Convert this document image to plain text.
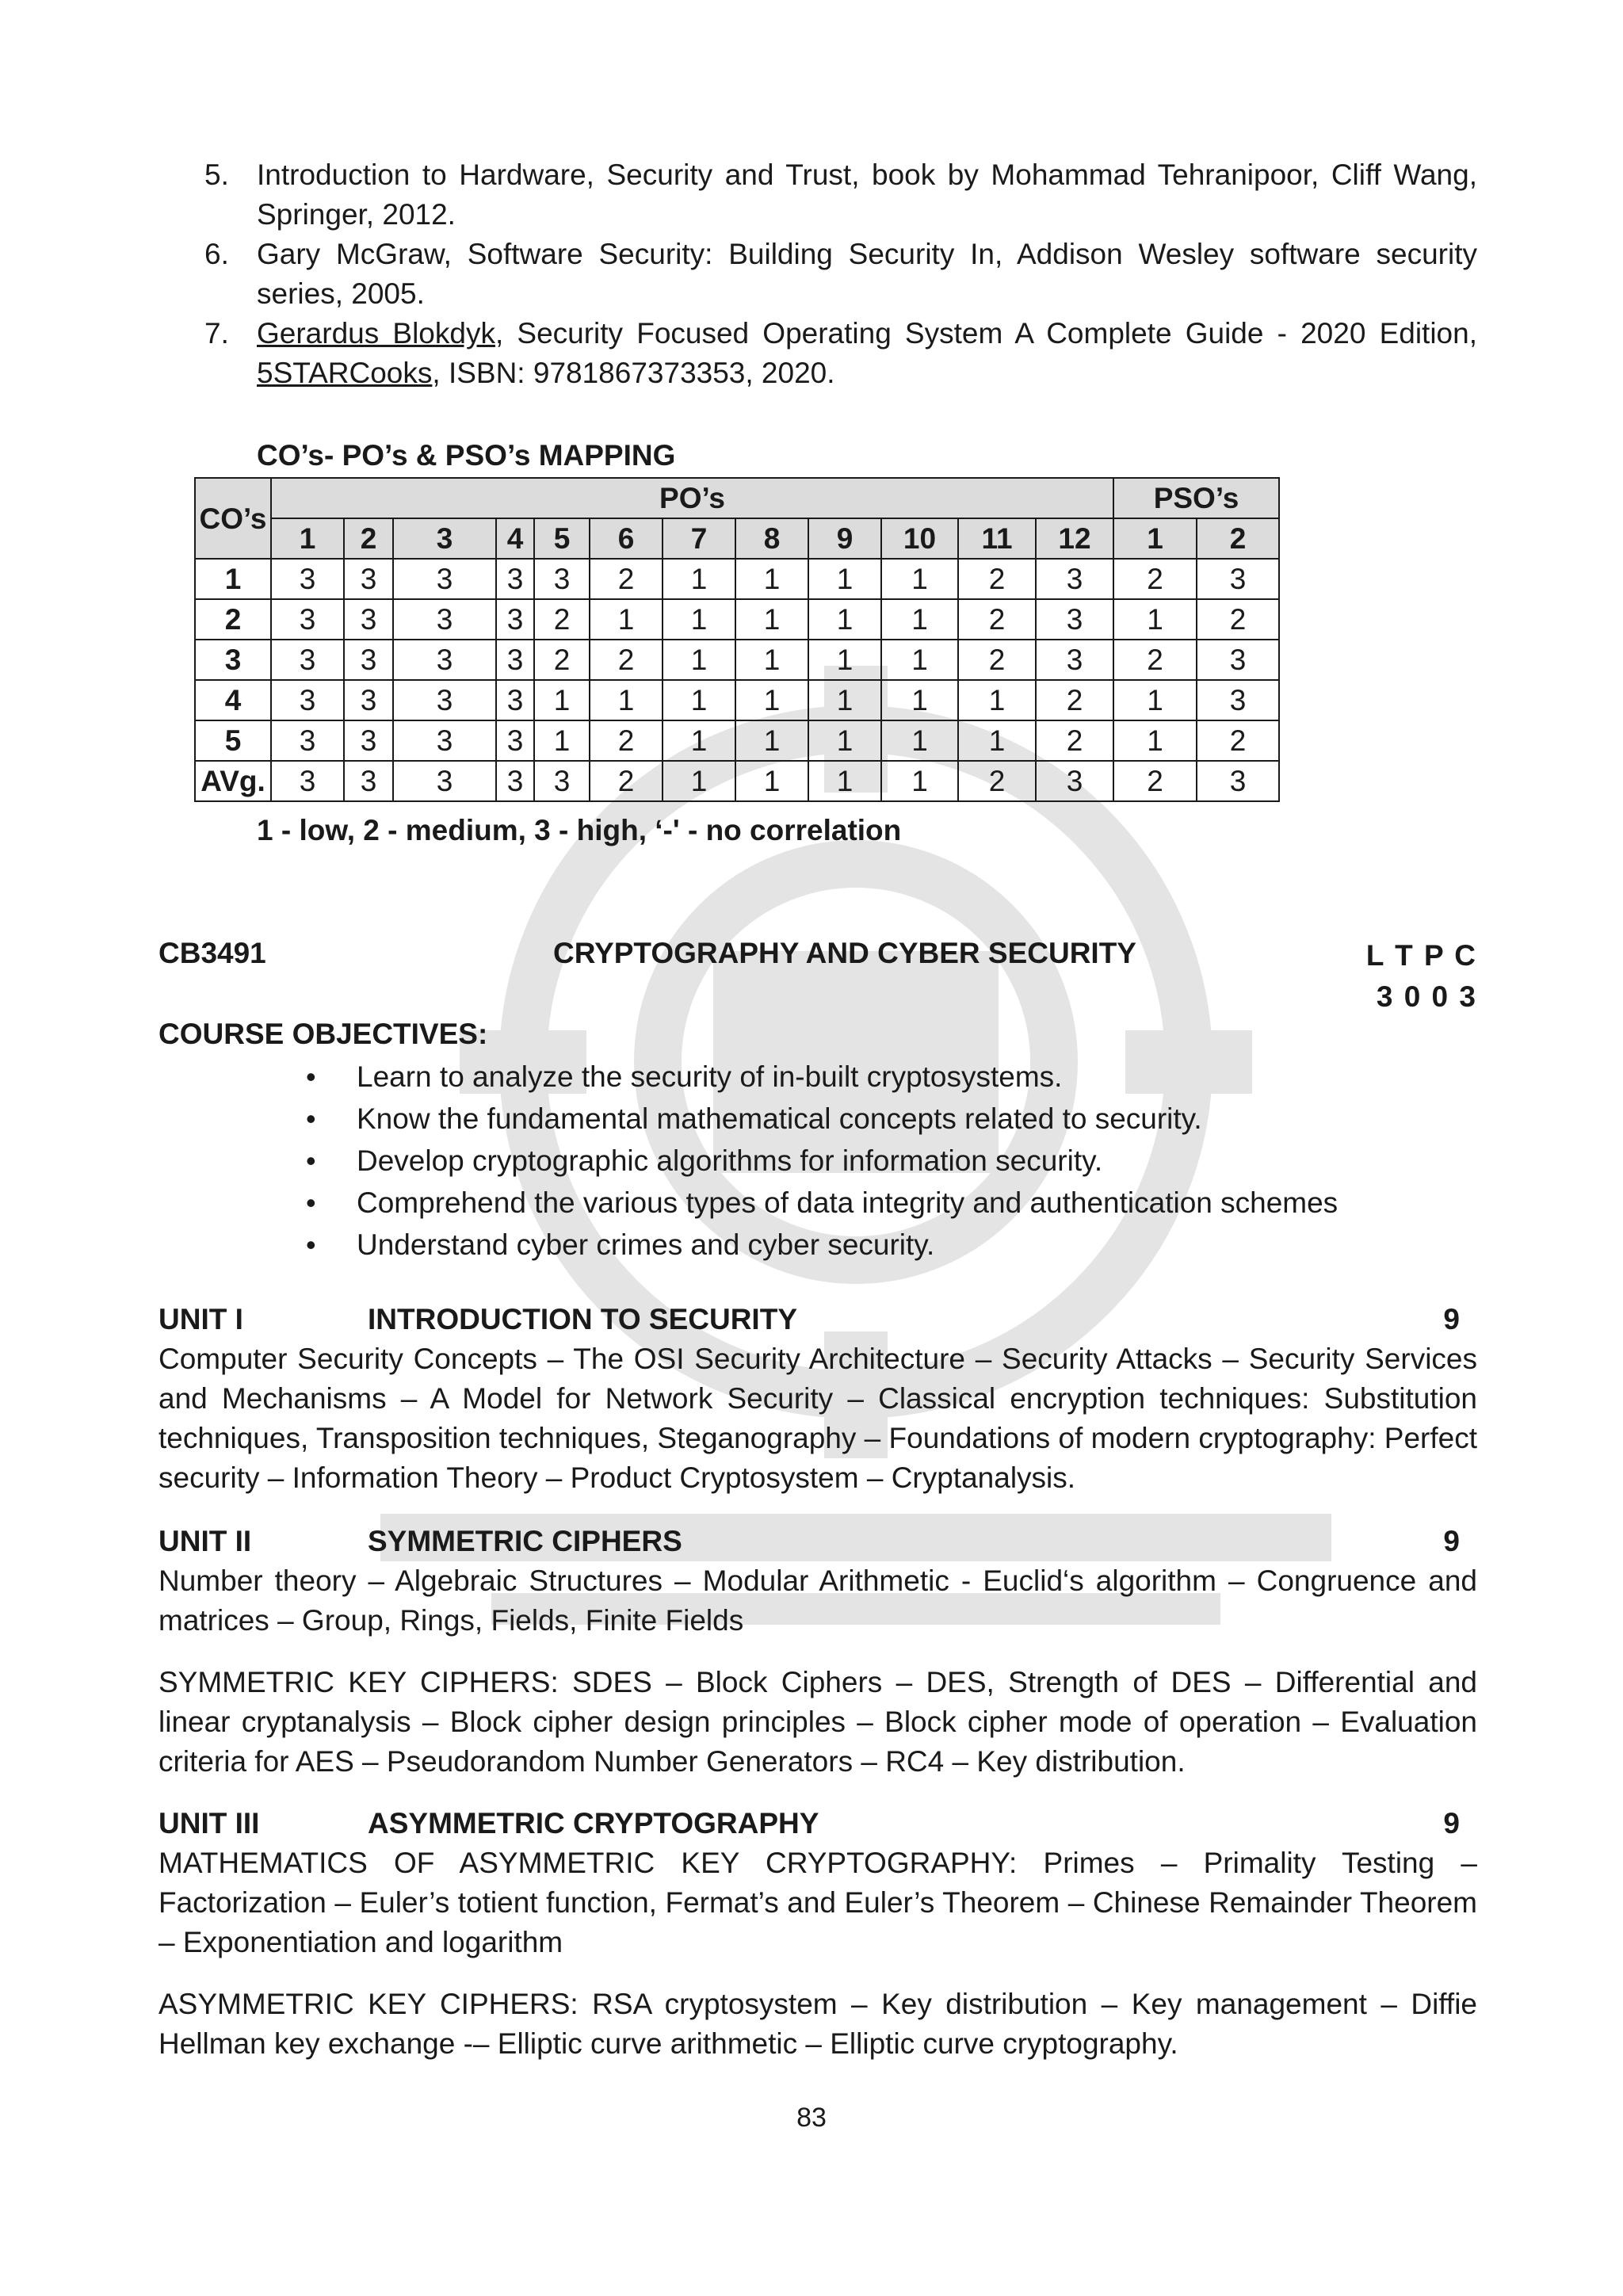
5. Introduction to Hardware, Security and Trust, book by Mohammad Tehranipoor, Cliff Wang, Springer, 2012.
6. Gary McGraw, Software Security: Building Security In, Addison Wesley software security series, 2005.
7. Gerardus Blokdyk, Security Focused Operating System A Complete Guide - 2020 Edition, 5STARCooks, ISBN: 9781867373353, 2020.
CO’s- PO’s & PSO’s MAPPING
CO’s	PO’s												PSO’s	
	1	2	3	4	5	6	7	8	9	10	11	12	1	2
1	3	3	3	3	3	2	1	1	1	1	2	3	2	3
2	3	3	3	3	2	1	1	1	1	1	2	3	1	2
3	3	3	3	3	2	2	1	1	1	1	2	3	2	3
4	3	3	3	3	1	1	1	1	1	1	1	2	1	3
5	3	3	3	3	1	2	1	1	1	1	1	2	1	2
AVg.	3	3	3	3	3	2	1	1	1	1	2	3	2	3
1 - low, 2 - medium, 3 - high, ‘-' - no correlation
CB3491	CRYPTOGRAPHY AND CYBER SECURITY	L T P C
3 0 0 3
COURSE OBJECTIVES:
• Learn to analyze the security of in-built cryptosystems.
• Know the fundamental mathematical concepts related to security.
• Develop cryptographic algorithms for information security.
• Comprehend the various types of data integrity and authentication schemes
• Understand cyber crimes and cyber security.
UNIT I	INTRODUCTION TO SECURITY	9

Computer Security Concepts – The OSI Security Architecture – Security Attacks – Security Services and Mechanisms – A Model for Network Security – Classical encryption techniques: Substitution techniques, Transposition techniques, Steganography – Foundations of modern cryptography: Perfect security – Information Theory – Product Cryptosystem – Cryptanalysis.

UNIT II	SYMMETRIC CIPHERS	9

Number theory – Algebraic Structures – Modular Arithmetic - Euclid‘s algorithm – Congruence and matrices – Group, Rings, Fields, Finite Fields

SYMMETRIC KEY CIPHERS: SDES – Block Ciphers – DES, Strength of DES – Differential and linear cryptanalysis – Block cipher design principles – Block cipher mode of operation – Evaluation criteria for AES – Pseudorandom Number Generators – RC4 – Key distribution.

UNIT III	ASYMMETRIC CRYPTOGRAPHY	9

MATHEMATICS OF ASYMMETRIC KEY CRYPTOGRAPHY: Primes – Primality Testing – Factorization – Euler’s totient function, Fermat’s and Euler’s Theorem – Chinese Remainder Theorem – Exponentiation and logarithm

ASYMMETRIC KEY CIPHERS: RSA cryptosystem – Key distribution – Key management – Diffie Hellman key exchange -– Elliptic curve arithmetic – Elliptic curve cryptography.

83
